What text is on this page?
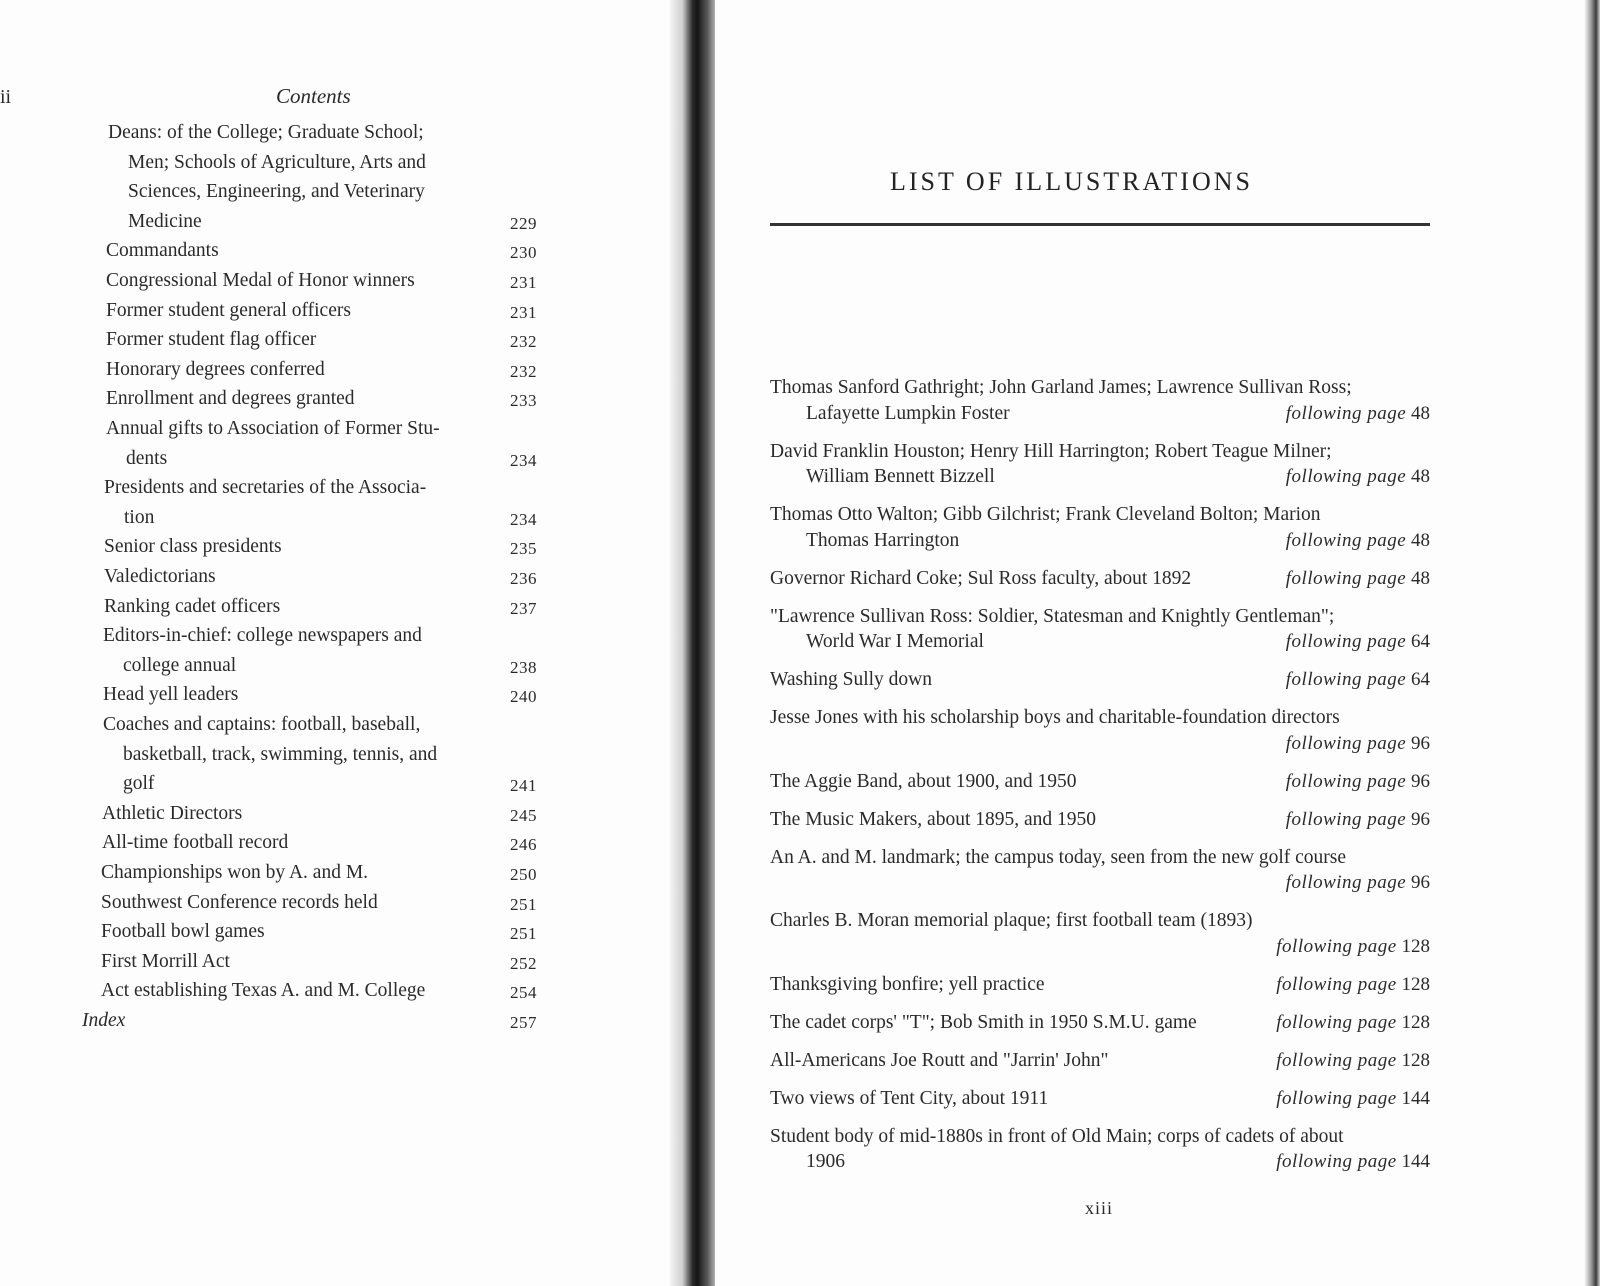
ii	Contents
Deans: of the College; Graduate School;
Men; Schools of Agriculture, Arts and
Sciences, Engineering, and Veterinary
Medicine	229
Commandants	230
Congressional Medal of Honor winners	231
Former student general officers	231
Former student flag officer	232
Honorary degrees conferred	232
Enrollment and degrees granted	233
Annual gifts to Association of Former Stu-
dents	234
Presidents and secretaries of the Associa-
tion	234
Senior class presidents	235
Valedictorians	236
Ranking cadet officers	237
Editors-in-chief: college newspapers and
college annual	238
Head yell leaders	240
Coaches and captains: football, baseball,
basketball, track, swimming, tennis, and
golf	241
Athletic Directors	245
All-time football record	246
Championships won by A. and M.	250
Southwest Conference records held	251
Football bowl games	251
First Morrill Act	252
Act establishing Texas A. and M. College	254
Index	257
LIST OF ILLUSTRATIONS
Thomas Sanford Gathright; John Garland James; Lawrence Sullivan Ross;
Lafayette Lumpkin Foster	following page 48
David Franklin Houston; Henry Hill Harrington; Robert Teague Milner;
William Bennett Bizzell	following page 48
Thomas Otto Walton; Gibb Gilchrist; Frank Cleveland Bolton; Marion
Thomas Harrington	following page 48
Governor Richard Coke; Sul Ross faculty, about 1892	following page 48
"Lawrence Sullivan Ross: Soldier, Statesman and Knightly Gentleman";
World War I Memorial	following page 64
Washing Sully down	following page 64
Jesse Jones with his scholarship boys and charitable-foundation directors
following page 96
The Aggie Band, about 1900, and 1950	following page 96
The Music Makers, about 1895, and 1950	following page 96
An A. and M. landmark; the campus today, seen from the new golf course
following page 96
Charles B. Moran memorial plaque; first football team (1893)
following page 128
Thanksgiving bonfire; yell practice	following page 128
The cadet corps' "T"; Bob Smith in 1950 S.M.U. game	following page 128
All-Americans Joe Routt and "Jarrin' John"	following page 128
Two views of Tent City, about 1911	following page 144
Student body of mid-1880s in front of Old Main; corps of cadets of about
1906	following page 144
xiii
